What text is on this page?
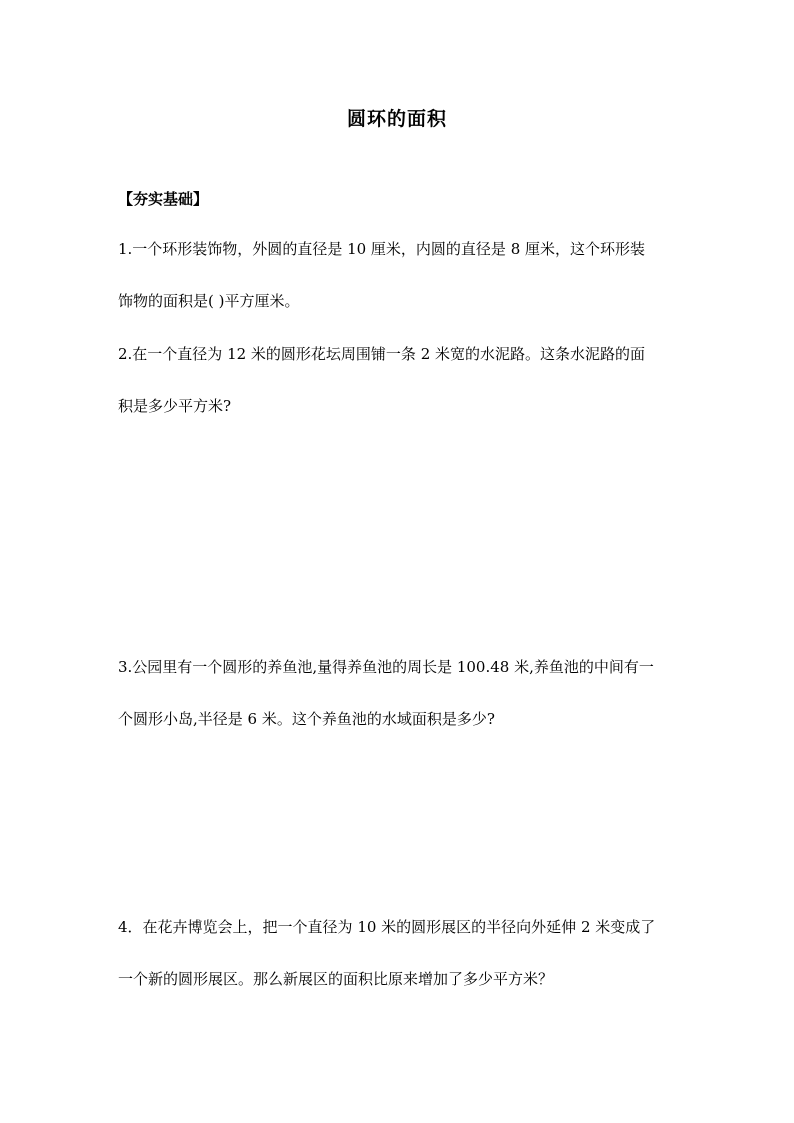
圆环的面积
【夯实基础】
1.一个环形装饰物，外圆的直径是 10 厘米，内圆的直径是 8 厘米，这个环形装
饰物的面积是( )平方厘米。
2.在一个直径为 12 米的圆形花坛周围铺一条 2 米宽的水泥路。这条水泥路的面
积是多少平方米?
3.公园里有一个圆形的养鱼池,量得养鱼池的周长是 100.48 米,养鱼池的中间有一
个圆形小岛,半径是 6 米。这个养鱼池的水域面积是多少?
4．在花卉博览会上，把一个直径为 10 米的圆形展区的半径向外延伸 2 米变成了
一个新的圆形展区。那么新展区的面积比原来增加了多少平方米？
